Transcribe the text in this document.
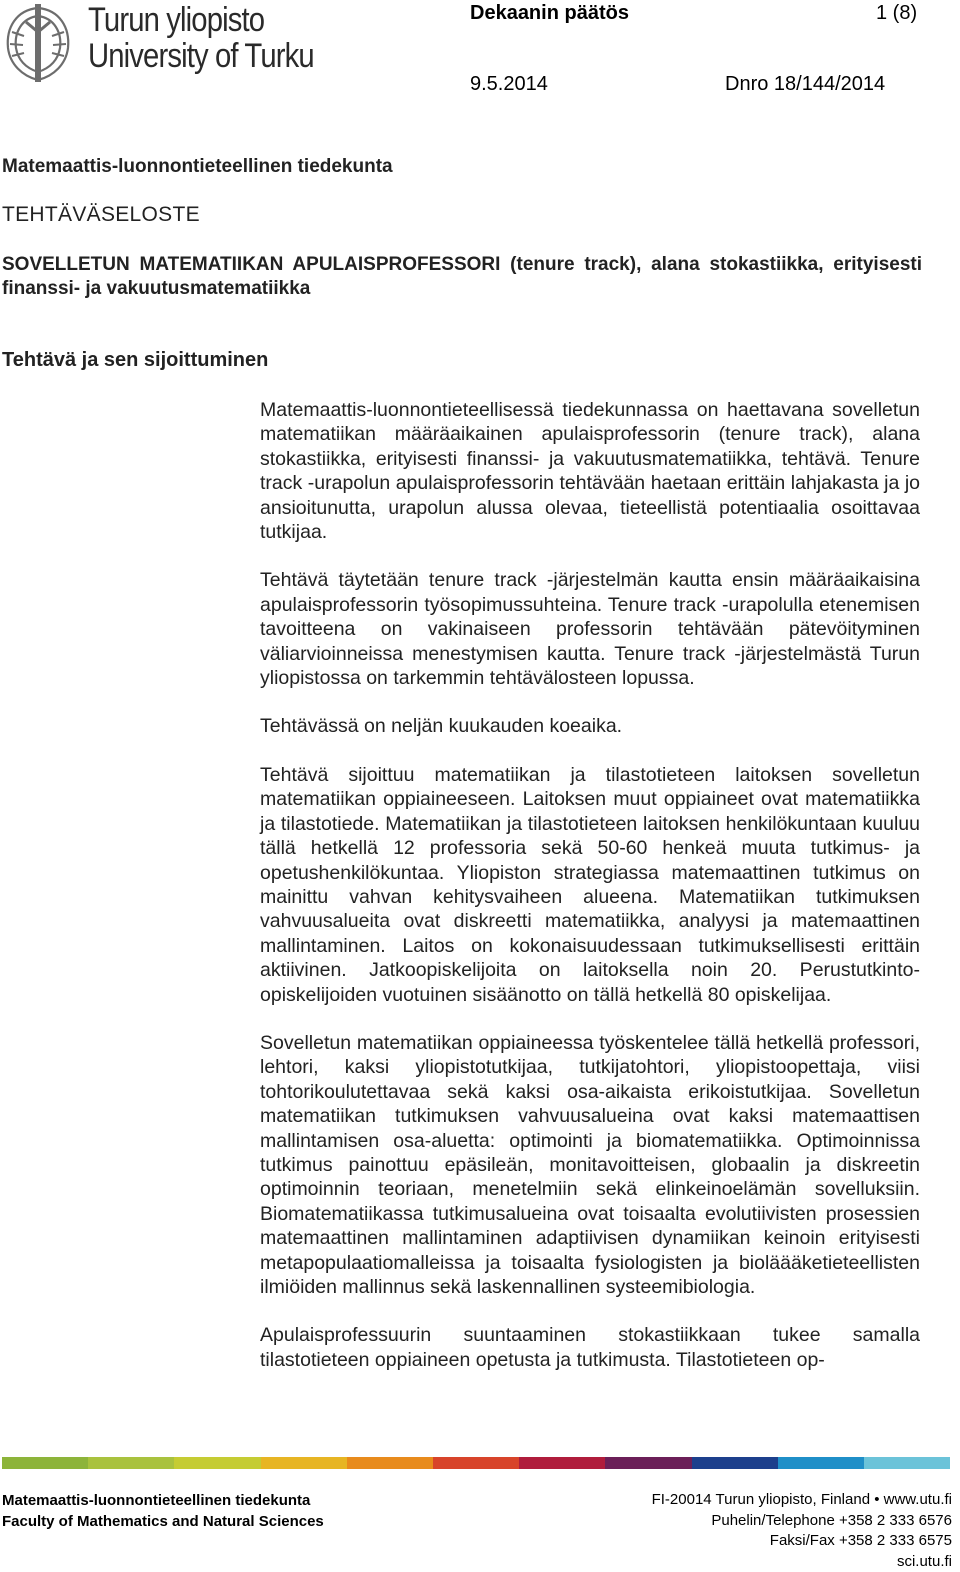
Turun yliopisto
University of Turku
Dekaanin päätös	1 (8)
9.5.2014	Dnro 18/144/2014
Matemaattis-luonnontieteellinen tiedekunta
TEHTÄVÄSELOSTE
SOVELLETUN MATEMATIIKAN APULAISPROFESSORI (tenure track), alana stokastiikka, erityisesti finanssi- ja vakuutusmatematiikka
Tehtävä ja sen sijoittuminen

Matemaattis-luonnontieteellisessä tiedekunnassa on haettavana sovelletun matematiikan määräaikainen apulaisprofessorin (tenure track), alana stokastiikka, erityisesti finanssi- ja vakuutusmatematiikka, tehtävä. Tenure track -urapolun apulaisprofessorin tehtävään haetaan erittäin lahjakasta ja jo ansioitunutta, urapolun alussa olevaa, tieteellistä potentiaalia osoittavaa tutkijaa.

Tehtävä täytetään tenure track -järjestelmän kautta ensin määräaikaisina apulaisprofessorin työsopimussuhteina. Tenure track -urapolulla etenemisen tavoitteena on vakinaiseen professorin tehtävään pätevöityminen väliarvioinneissa menestymisen kautta. Tenure track -järjestelmästä Turun yliopistossa on tarkemmin tehtävälosteen lopussa.

Tehtävässä on neljän kuukauden koeaika.

Tehtävä sijoittuu matematiikan ja tilastotieteen laitoksen sovelletun matematiikan oppiaineeseen. Laitoksen muut oppiaineet ovat matematiikka ja tilastotiede. Matematiikan ja tilastotieteen laitoksen henkilökuntaan kuuluu tällä hetkellä 12 professoria sekä 50-60 henkeä muuta tutkimus- ja opetushenkilökuntaa. Yliopiston strategiassa matemaattinen tutkimus on mainittu vahvan kehitysvaiheen alueena. Matematiikan tutkimuksen vahvuusalueita ovat diskreetti matematiikka, analyysi ja matemaattinen mallintaminen. Laitos on kokonaisuudessaan tutkimuksellisesti erittäin aktiivinen. Jatkoopiskelijoita on laitoksella noin 20. Perustutkinto-opiskelijoiden vuotuinen sisäänotto on tällä hetkellä 80 opiskelijaa.

Sovelletun matematiikan oppiaineessa työskentelee tällä hetkellä professori, lehtori, kaksi yliopistotutkijaa, tutkijatohtori, yliopistoopettaja, viisi tohtorikoulutettavaa sekä kaksi osa-aikaista erikoistutkijaa. Sovelletun matematiikan tutkimuksen vahvuusalueina ovat kaksi matemaattisen mallintamisen osa-aluetta: optimointi ja biomatematiikka. Optimoinnissa tutkimus painottuu epäsileän, monitavoitteisen, globaalin ja diskreetin optimoinnin teoriaan, menetelmiin sekä elinkeinoelämän sovelluksiin. Biomatematiikassa tutkimusalueina ovat toisaalta evolutiivisten prosessien matemaattinen mallintaminen adaptiivisen dynamiikan keinoin erityisesti metapopulaatiomalleissa ja toisaalta fysiologisten ja bioläääketieteellisten ilmiöiden mallinnus sekä laskennallinen systeemibiologia.

Apulaisprofessuurin suuntaaminen stokastiikkaan tukee samalla tilastotieteen oppiaineen opetusta ja tutkimusta. Tilastotieteen op-

Matemaattis-luonnontieteellinen tiedekunta
Faculty of Mathematics and Natural Sciences
FI-20014 Turun yliopisto, Finland • www.utu.fi
Puhelin/Telephone +358 2 333 6576
Faksi/Fax +358 2 333 6575
sci.utu.fi
